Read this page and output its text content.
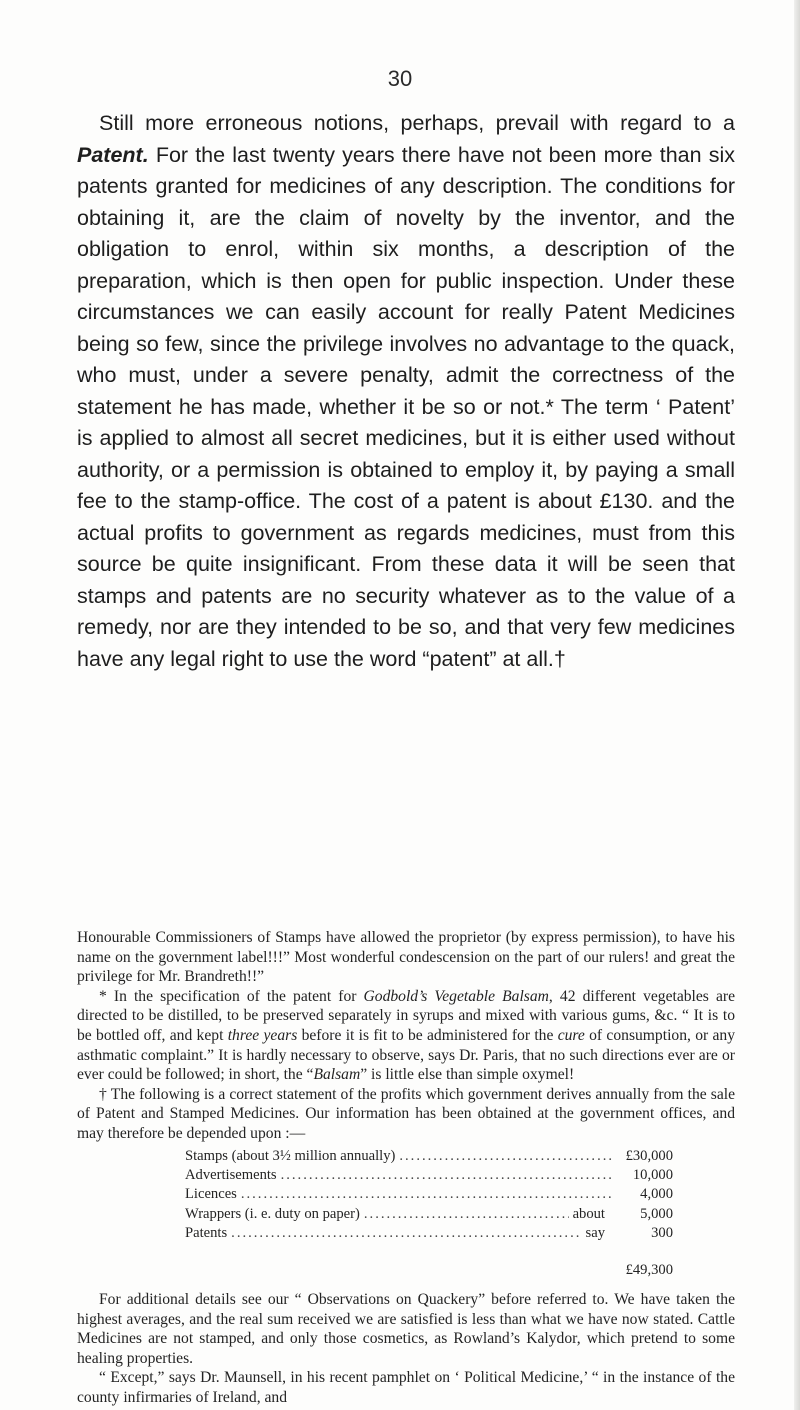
30
Still more erroneous notions, perhaps, prevail with regard to a Patent. For the last twenty years there have not been more than six patents granted for medicines of any description. The conditions for obtaining it, are the claim of novelty by the inventor, and the obligation to enrol, within six months, a description of the preparation, which is then open for public inspection. Under these circumstances we can easily account for really Patent Medicines being so few, since the privilege involves no advantage to the quack, who must, under a severe penalty, admit the correctness of the statement he has made, whether it be so or not.* The term ‘ Patent’ is applied to almost all secret medicines, but it is either used without authority, or a permission is obtained to employ it, by paying a small fee to the stamp-office. The cost of a patent is about £130. and the actual profits to government as regards medicines, must from this source be quite insignificant. From these data it will be seen that stamps and patents are no security whatever as to the value of a remedy, nor are they intended to be so, and that very few medicines have any legal right to use the word “patent” at all.†

Honourable Commissioners of Stamps have allowed the proprietor (by express permission), to have his name on the government label!!!” Most wonderful condescension on the part of our rulers! and great the privilege for Mr. Brandreth!!”

* In the specification of the patent for Godbold’s Vegetable Balsam, 42 different vegetables are directed to be distilled, to be preserved separately in syrups and mixed with various gums, &c. “ It is to be bottled off, and kept three years before it is fit to be administered for the cure of consumption, or any asthmatic complaint.” It is hardly necessary to observe, says Dr. Paris, that no such directions ever are or ever could be followed; in short, the “Balsam” is little else than simple oxymel!

† The following is a correct statement of the profits which government derives annually from the sale of Patent and Stamped Medicines. Our information has been obtained at the government offices, and may therefore be depended upon :—

Stamps (about 3½ million annually) .....	£30,000
Advertisements .....	10,000
Licences .....	4,000
Wrappers (i. e. duty on paper) .....	about	5,000
Patents .....	say	300
£49,300

For additional details see our “ Observations on Quackery” before referred to. We have taken the highest averages, and the real sum received we are satisfied is less than what we have now stated. Cattle Medicines are not stamped, and only those cosmetics, as Rowland’s Kalydor, which pretend to some healing properties.

“ Except,” says Dr. Maunsell, in his recent pamphlet on ‘ Political Medicine,’ “ in the instance of the county infirmaries of Ireland, and
